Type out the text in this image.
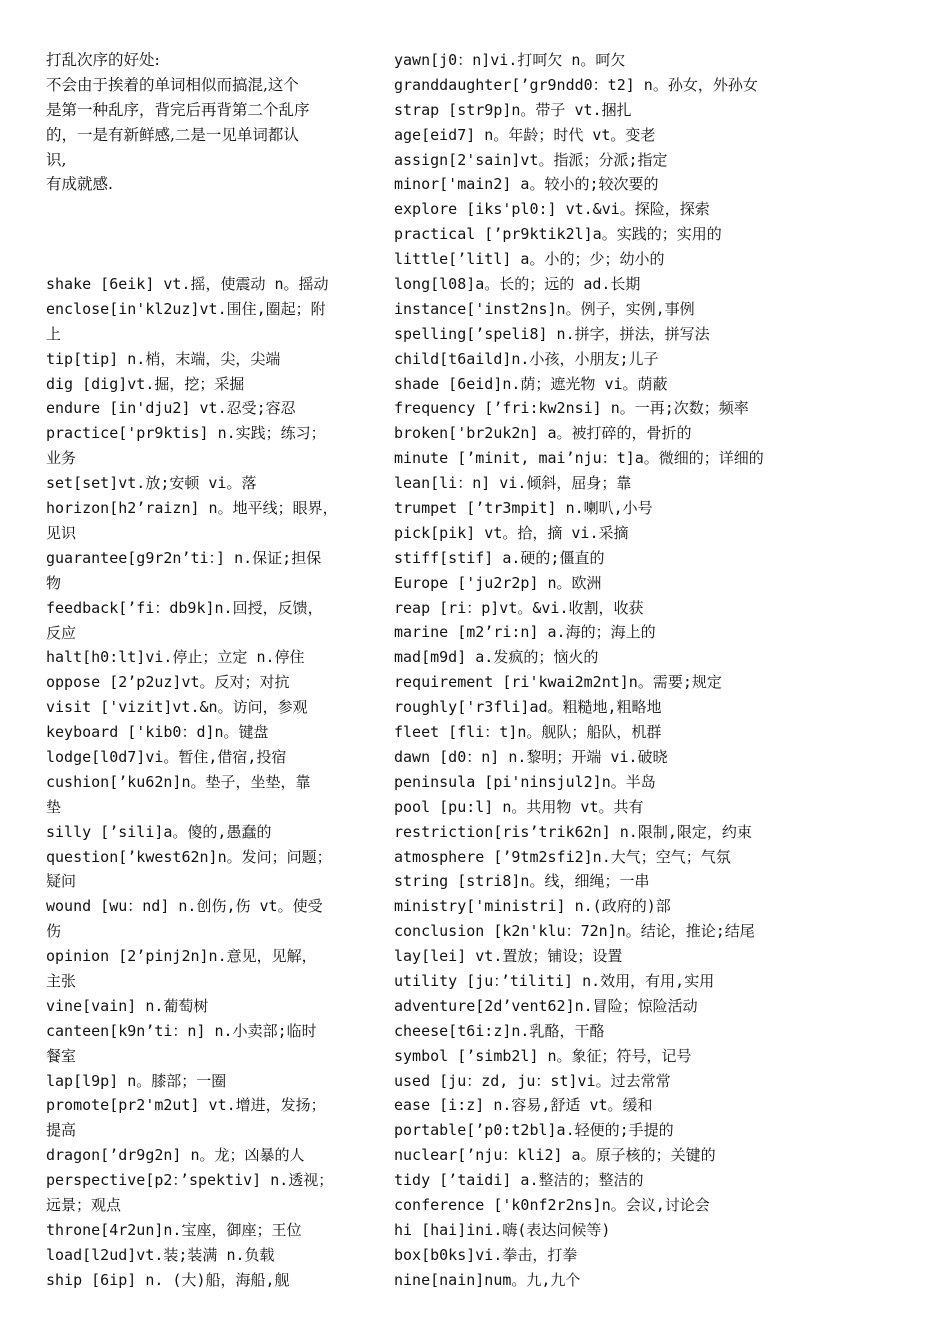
打乱次序的好处:
不会由于挨着的单词相似而搞混,这个
是第一种乱序，背完后再背第二个乱序
的，一是有新鲜感,二是一见单词都认
识,
有成就感.
shake [6eik] vt.摇，使震动 n。摇动
enclose[in'kl2uz]vt.围住,圈起；附
上
tip[tip] n.梢，末端，尖，尖端
dig [dig]vt.掘，挖；采掘
endure [in'dju2] vt.忍受;容忍
practice['pr9ktis] n.实践；练习；
业务
set[set]vt.放;安顿 vi。落
horizon[h2’raizn] n。地平线；眼界，
见识
guarantee[g9r2n’ti：] n.保证;担保
物
feedback[’fi：db9k]n.回授，反馈，
反应
halt[h0:lt]vi.停止；立定 n.停住
oppose [2’p2uz]vt。反对；对抗
visit ['vizit]vt.&n。访问，参观
keyboard ['kib0：d]n。键盘
lodge[l0d7]vi。暂住,借宿,投宿
cushion[’ku62n]n。垫子，坐垫，靠
垫
silly [’sili]a。傻的,愚蠢的
question[’kwest62n]n。发问；问题；
疑问
wound [wu：nd] n.创伤,伤 vt。使受
伤
opinion [2’pinj2n]n.意见，见解，
主张
vine[vain] n.葡萄树
canteen[k9n’ti：n] n.小卖部;临时
餐室
lap[l9p] n。膝部；一圈
promote[pr2'm2ut] vt.增进，发扬；
提高
dragon[’dr9g2n] n。龙；凶暴的人
perspective[p2：’spektiv] n.透视；
远景；观点
throne[4r2un]n.宝座，御座；王位
load[l2ud]vt.装;装满 n.负载
ship [6ip] n. (大)船，海船,舰
yawn[j0：n]vi.打呵欠 n。呵欠
granddaughter[’gr9ndd0：t2] n。孙女，外孙女
strap [str9p]n。带子 vt.捆扎
age[eid7] n。年龄；时代 vt。变老
assign[2'sain]vt。指派；分派;指定
minor['main2] a。较小的;较次要的
explore [iks'pl0:] vt.&vi。探险，探索
practical [’pr9ktik2l]a。实践的；实用的
little[’litl] a。小的；少；幼小的
long[l08]a。长的；远的 ad.长期
instance['inst2ns]n。例子，实例,事例
spelling[’speli8] n.拼字，拼法，拼写法
child[t6aild]n.小孩，小朋友;儿子
shade [6eid]n.荫；遮光物 vi。荫蔽
frequency [’fri:kw2nsi] n。一再;次数；频率
broken['br2uk2n] a。被打碎的，骨折的
minute [’minit, mai’nju：t]a。微细的；详细的
lean[li：n] vi.倾斜，屈身；靠
trumpet [’tr3mpit] n.喇叭,小号
pick[pik] vt。拾，摘 vi.采摘
stiff[stif] a.硬的;僵直的
Europe ['ju2r2p] n。欧洲
reap [ri：p]vt。&vi.收割，收获
marine [m2’ri:n] a.海的；海上的
mad[m9d] a.发疯的；恼火的
requirement [ri'kwai2m2nt]n。需要;规定
roughly['r3fli]ad。粗糙地,粗略地
fleet [fli：t]n。舰队；船队，机群
dawn [d0：n] n.黎明；开端 vi.破晓
peninsula [pi'ninsjul2]n。半岛
pool [pu:l] n。共用物 vt。共有
restriction[ris’trik62n] n.限制,限定，约束
atmosphere [’9tm2sfi2]n.大气；空气；气氛
string [stri8]n。线，细绳；一串
ministry['ministri] n.(政府的)部
conclusion [k2n'klu：72n]n。结论，推论;结尾
lay[lei] vt.置放；铺设；设置
utility [ju：’tiliti] n.效用，有用,实用
adventure[2d’vent62]n.冒险；惊险活动
cheese[t6i:z]n.乳酪，干酪
symbol [’simb2l] n。象征；符号，记号
used [ju：zd, ju：st]vi。过去常常
ease [i:z] n.容易,舒适 vt。缓和
portable[’p0:t2bl]a.轻便的;手提的
nuclear[’nju：kli2] a。原子核的；关键的
tidy [’taidi] a.整洁的；整洁的
conference ['k0nf2r2ns]n。会议,讨论会
hi [hai]ini.嗨(表达问候等)
box[b0ks]vi.拳击，打拳
nine[nain]num。九,九个
